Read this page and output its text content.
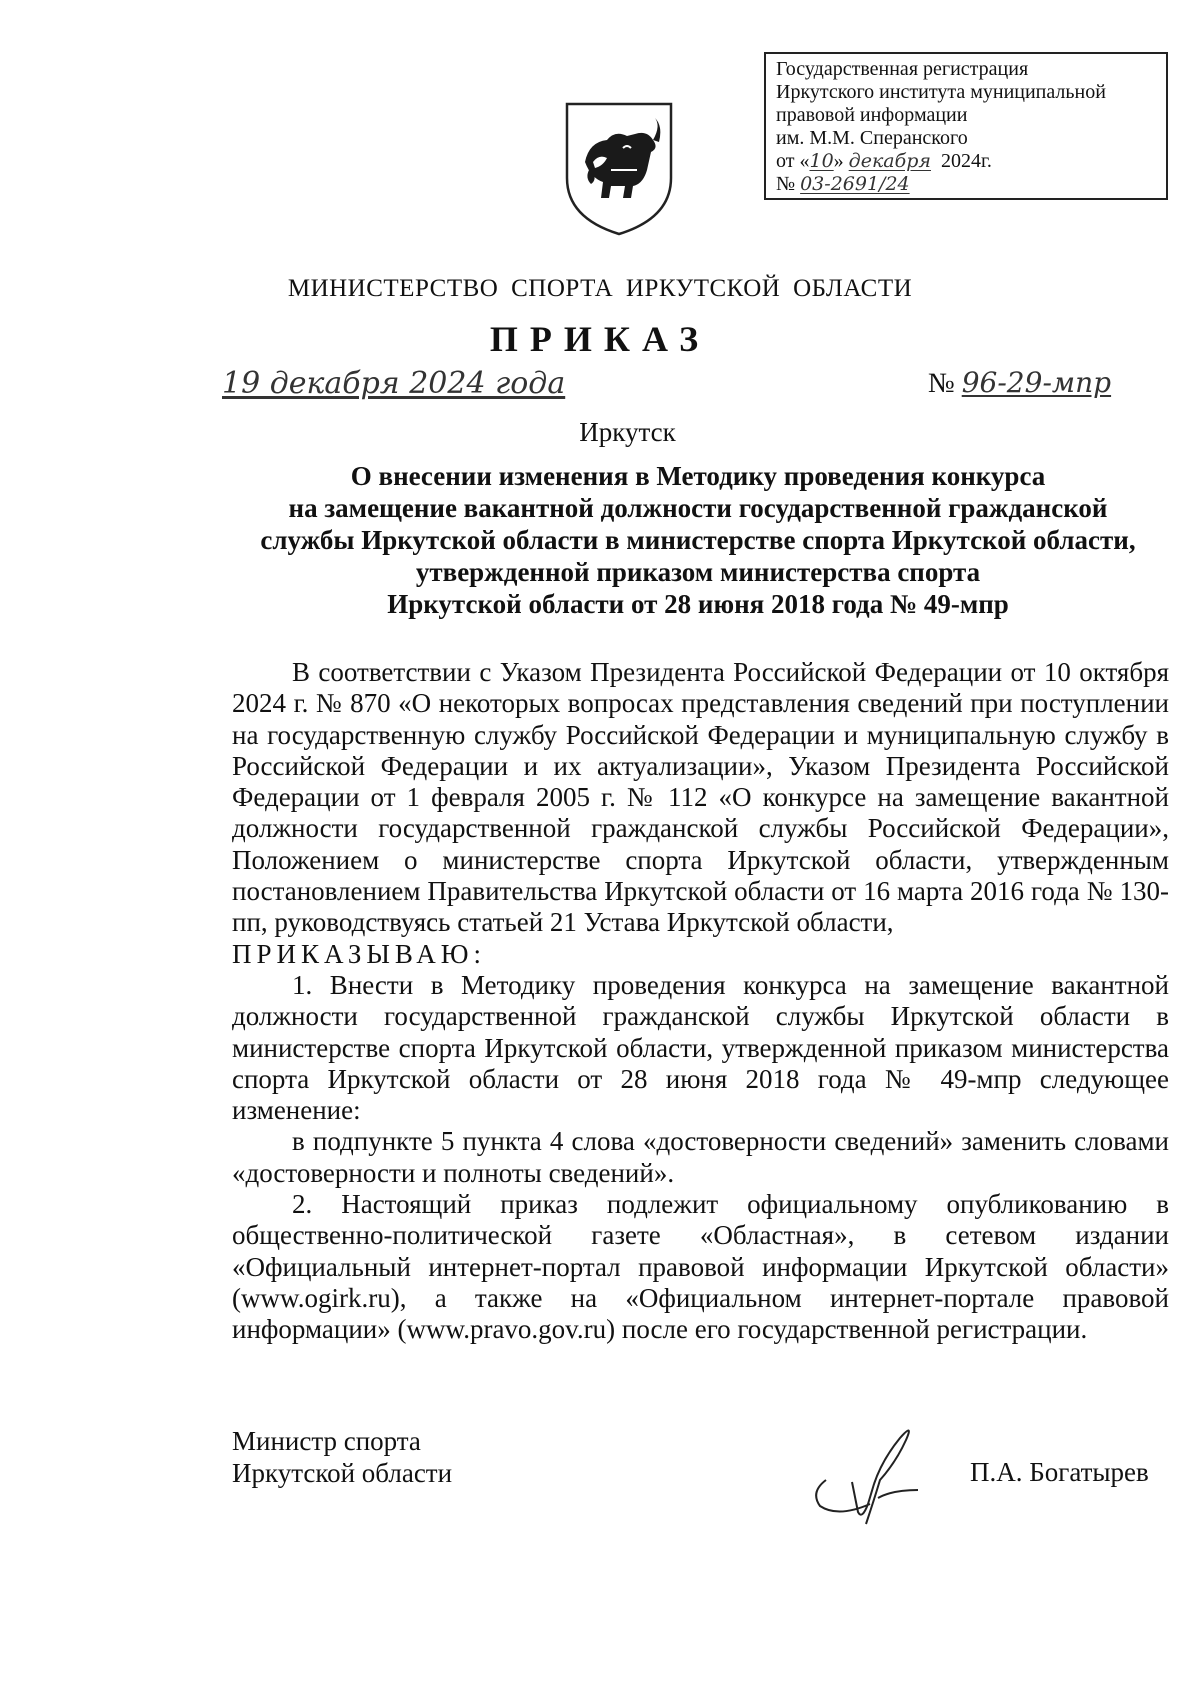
Государственная регистрация
Иркутского института муниципальной
правовой информации
им. М.М. Сперанского
от «10» декабря 2024г.
№ 03-2691/24
МИНИСТЕРСТВО СПОРТА ИРКУТСКОЙ ОБЛАСТИ
ПРИКАЗ
19 декабря 2024 года	№ 96-29-мпр
Иркутск
О внесении изменения в Методику проведения конкурса
на замещение вакантной должности государственной гражданской
службы Иркутской области в министерстве спорта Иркутской области,
утвержденной приказом министерства спорта
Иркутской области от 28 июня 2018 года № 49-мпр

В соответствии с Указом Президента Российской Федерации от 10 октября 2024 г. № 870 «О некоторых вопросах представления сведений при поступлении на государственную службу Российской Федерации и муниципальную службу в Российской Федерации и их актуализации», Указом Президента Российской Федерации от 1 февраля 2005 г. № 112 «О конкурсе на замещение вакантной должности государственной гражданской службы Российской Федерации», Положением о министерстве спорта Иркутской области, утвержденным постановлением Правительства Иркутской области от 16 марта 2016 года № 130-пп, руководствуясь статьей 21 Устава Иркутской области,

ПРИКАЗЫВАЮ:

1. Внести в Методику проведения конкурса на замещение вакантной должности государственной гражданской службы Иркутской области в министерстве спорта Иркутской области, утвержденной приказом министерства спорта Иркутской области от 28 июня 2018 года № 49-мпр следующее изменение:

в подпункте 5 пункта 4 слова «достоверности сведений» заменить словами «достоверности и полноты сведений».

2. Настоящий приказ подлежит официальному опубликованию в общественно-политической газете «Областная», в сетевом издании «Официальный интернет-портал правовой информации Иркутской области» (www.ogirk.ru), а также на «Официальном интернет-портале правовой информации» (www.pravo.gov.ru) после его государственной регистрации.

Министр спорта
Иркутской области	П.А. Богатырев
